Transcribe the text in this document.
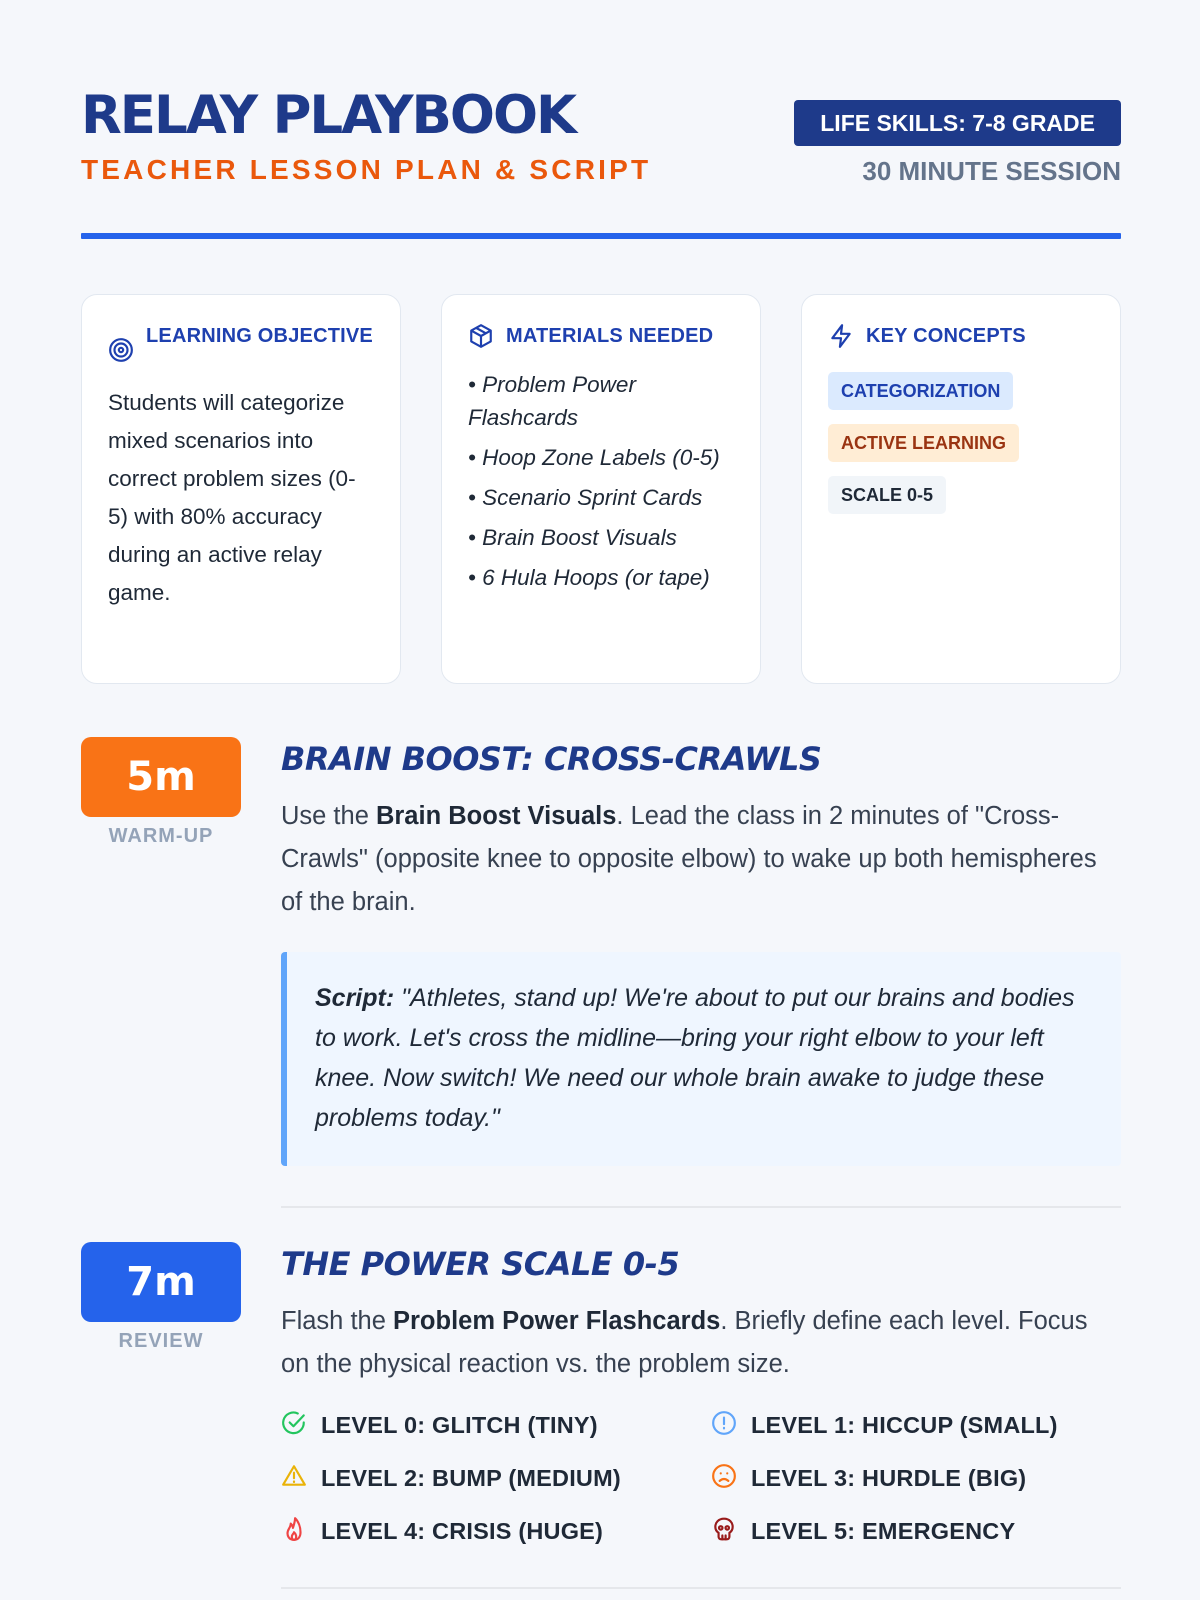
RELAY PLAYBOOK
TEACHER LESSON PLAN & SCRIPT
LIFE SKILLS: 7-8 GRADE
30 MINUTE SESSION
LEARNING OBJECTIVE
Students will categorize mixed scenarios into correct problem sizes (0-5) with 80% accuracy during an active relay game.
MATERIALS NEEDED
• Problem Power Flashcards
• Hoop Zone Labels (0-5)
• Scenario Sprint Cards
• Brain Boost Visuals
• 6 Hula Hoops (or tape)
KEY CONCEPTS
CATEGORIZATION
ACTIVE LEARNING
SCALE 0-5
5m
WARM-UP
BRAIN BOOST: CROSS-CRAWLS
Use the Brain Boost Visuals. Lead the class in 2 minutes of "Cross-Crawls" (opposite knee to opposite elbow) to wake up both hemispheres of the brain.
Script: "Athletes, stand up! We're about to put our brains and bodies to work. Let's cross the midline—bring your right elbow to your left knee. Now switch! We need our whole brain awake to judge these problems today."
7m
REVIEW
THE POWER SCALE 0-5
Flash the Problem Power Flashcards. Briefly define each level. Focus on the physical reaction vs. the problem size.
LEVEL 0: GLITCH (TINY)	LEVEL 1: HICCUP (SMALL)
LEVEL 2: BUMP (MEDIUM)	LEVEL 3: HURDLE (BIG)
LEVEL 4: CRISIS (HUGE)	LEVEL 5: EMERGENCY
